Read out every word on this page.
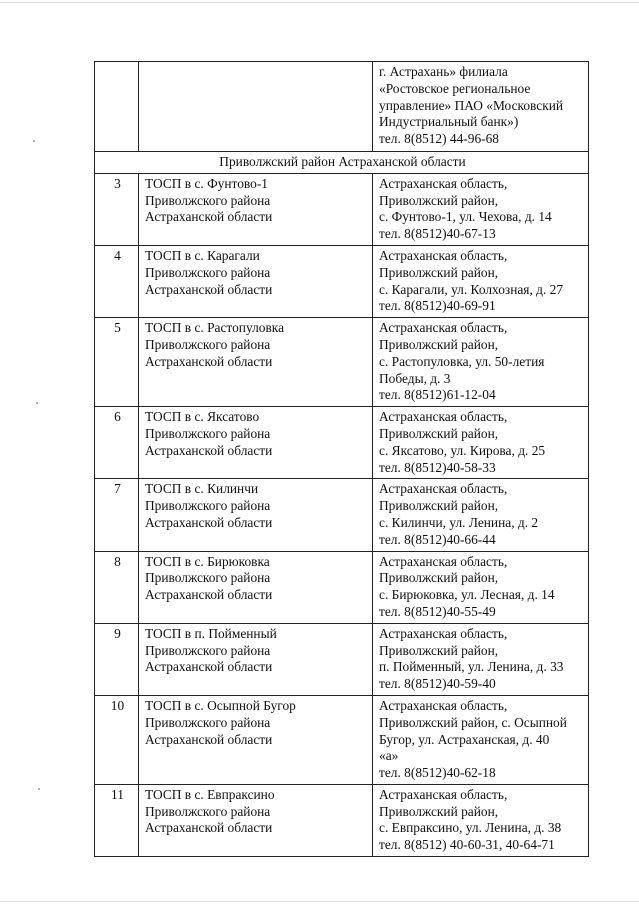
		г. Астрахань» филиала
«Ростовское региональное
управление» ПАО «Московский
Индустриальный банк»)
тел. 8(8512) 44-96-68

Приволжский район Астраханской области		
3	ТОСП в с. Фунтово-1
Приволжского района
Астраханской области	Астраханская область,
Приволжский район,
с. Фунтово-1, ул. Чехова, д. 14
тел. 8(8512)40-67-13

4	ТОСП в с. Карагали
Приволжского района
Астраханской области	Астраханская область,
Приволжский район,
с. Карагали, ул. Колхозная, д. 27
тел. 8(8512)40-69-91

5	ТОСП в с. Растопуловка
Приволжского района
Астраханской области	Астраханская область,
Приволжский район,
с. Растопуловка, ул. 50-летия
Победы, д. 3
тел. 8(8512)61-12-04

6	ТОСП в с. Яксатово
Приволжского района
Астраханской области	Астраханская область,
Приволжский район,
с. Яксатово, ул. Кирова, д. 25
тел. 8(8512)40-58-33

7	ТОСП в с. Килинчи
Приволжского района
Астраханской области	Астраханская область,
Приволжский район,
с. Килинчи, ул. Ленина, д. 2
тел. 8(8512)40-66-44

8	ТОСП в с. Бирюковка
Приволжского района
Астраханской области	Астраханская область,
Приволжский район,
с. Бирюковка, ул. Лесная, д. 14
тел. 8(8512)40-55-49

9	ТОСП в п. Пойменный
Приволжского района
Астраханской области	Астраханская область,
Приволжский район,
п. Пойменный, ул. Ленина, д. 33
тел. 8(8512)40-59-40

10	ТОСП в с. Осыпной Бугор
Приволжского района
Астраханской области	Астраханская область,
Приволжский район, с. Осыпной
Бугор, ул. Астраханская, д. 40
«а»
тел. 8(8512)40-62-18

11	ТОСП в с. Евпраксино
Приволжского района
Астраханской области	Астраханская область,
Приволжский район,
с. Евпраксино, ул. Ленина, д. 38
тел. 8(8512) 40-60-31, 40-64-71
